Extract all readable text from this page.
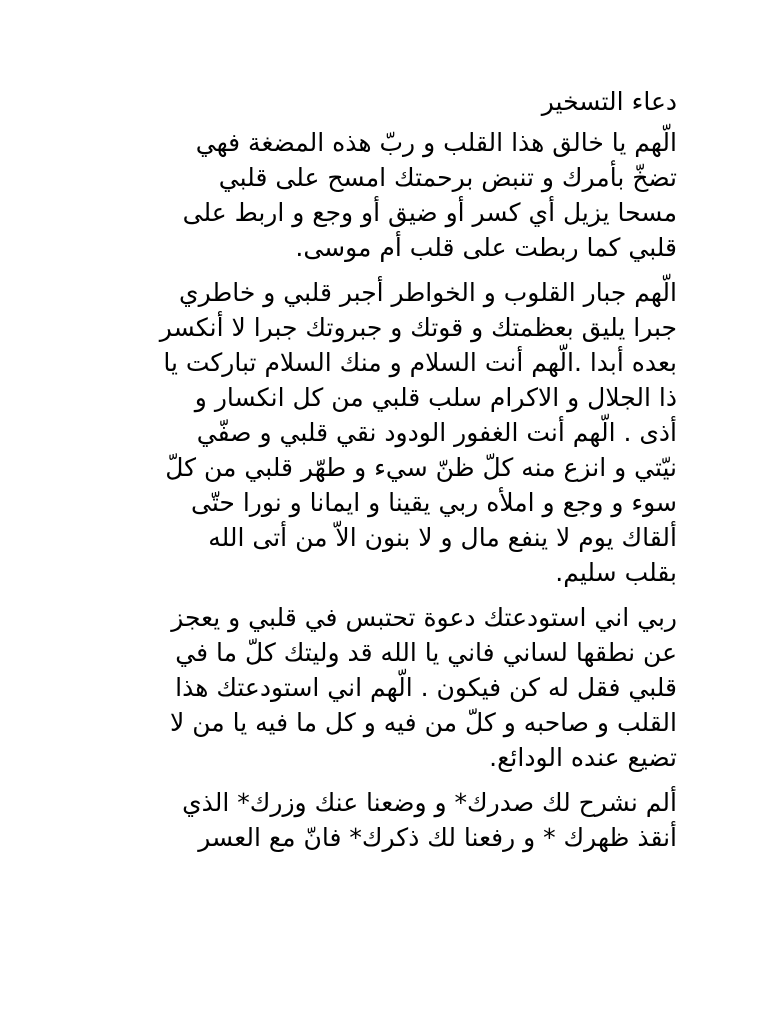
دعاء التسخير
الّهم يا خالق هذا القلب و ربّ هذه المضغة فهي
تضخّ بأمرك و تنبض برحمتك امسح على قلبي
مسحا يزيل أي كسر أو ضيق أو وجع و اربط على
قلبي كما ربطت على قلب أم موسى.
الّهم جبار القلوب و الخواطر أجبر قلبي و خاطري
جبرا يليق بعظمتك و قوتك و جبروتك جبرا لا أنكسر
بعده أبدا .الّهم أنت السلام و منك السلام تباركت يا
ذا الجلال و الاكرام سلب قلبي من كل انكسار و
أذى . الّهم أنت الغفور الودود نقي قلبي و صفّي
نيّتي و انزع منه كلّ ظنّ سيء و طهّر قلبي من كلّ
سوء و وجع و املأه ربي يقينا و ايمانا و نورا حتّى
ألقاك يوم لا ينفع مال و لا بنون الاّ من أتى الله
بقلب سليم.
ربي اني استودعتك دعوة تحتبس في قلبي و يعجز
عن نطقها لساني فاني يا الله قد وليتك كلّ ما في
قلبي فقل له كن فيكون . الّهم اني استودعتك هذا
القلب و صاحبه و كلّ من فيه و كل ما فيه يا من لا
تضيع عنده الودائع.
ألم نشرح لك صدرك* و وضعنا عنك وزرك* الذي
أنقذ ظهرك * و رفعنا لك ذكرك* فانّ مع العسر
